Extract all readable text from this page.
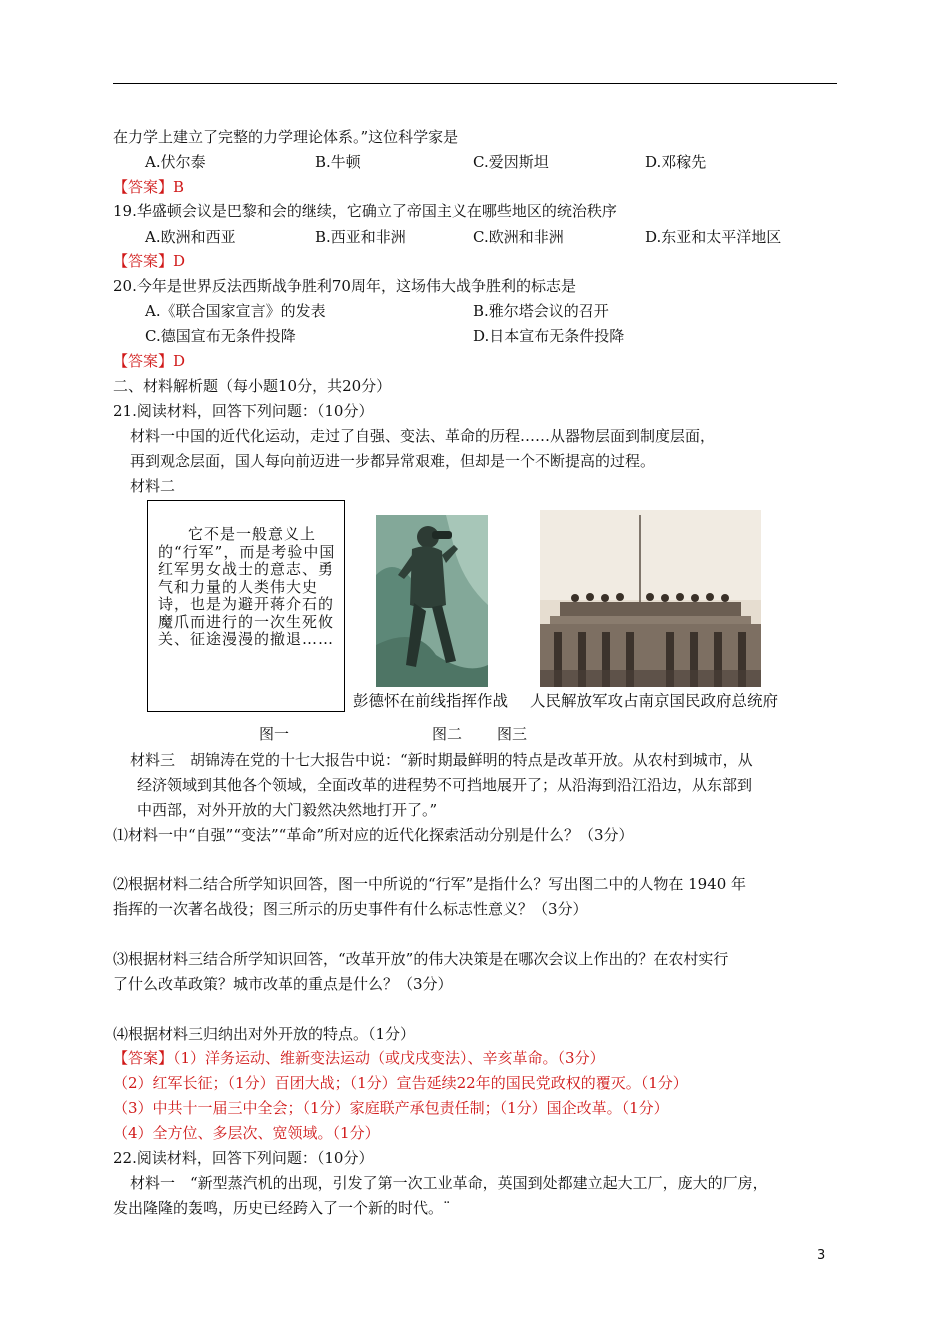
在力学上建立了完整的力学理论体系。”这位科学家是
A.伏尔泰	B.牛顿	C.爱因斯坦	D.邓稼先
【答案】B
19.华盛顿会议是巴黎和会的继续，它确立了帝国主义在哪些地区的统治秩序
A.欧洲和西亚	B.西亚和非洲	C.欧洲和非洲	D.东亚和太平洋地区
【答案】D
20.今年是世界反法西斯战争胜利70周年，这场伟大战争胜利的标志是
A.《联合国家宣言》的发表	B.雅尔塔会议的召开
C.德国宣布无条件投降	D.日本宣布无条件投降
【答案】D
二、材料解析题（每小题10分，共20分）
21.阅读材料，回答下列问题：（10分）
材料一中国的近代化运动，走过了自强、变法、革命的历程……从器物层面到制度层面，
再到观念层面，国人每向前迈进一步都异常艰难，但却是一个不断提高的过程。
材料二
它不是一般意义上的“行军”，而是考验中国红军男女战士的意志、勇气和力量的人类伟大史诗，也是为避开蒋介石的魔爪而进行的一次生死攸关、征途漫漫的撤退……
彭德怀在前线指挥作战 人民解放军攻占南京国民政府总统府
图一	图二 图三
材料三　胡锦涛在党的十七大报告中说：“新时期最鲜明的特点是改革开放。从农村到城市，从
经济领域到其他各个领域，全面改革的进程势不可挡地展开了；从沿海到沿江沿边，从东部到
中西部，对外开放的大门毅然决然地打开了。”
⑴材料一中“自强”“变法”“革命”所对应的近代化探索活动分别是什么？（3分）
⑵根据材料二结合所学知识回答，图一中所说的“行军”是指什么？写出图二中的人物在 1940 年
指挥的一次著名战役；图三所示的历史事件有什么标志性意义？（3分）
⑶根据材料三结合所学知识回答，“改革开放”的伟大决策是在哪次会议上作出的？在农村实行
了什么改革政策？城市改革的重点是什么？（3分）
⑷根据材料三归纳出对外开放的特点。（1分）
【答案】（1）洋务运动、维新变法运动（或戊戌变法）、辛亥革命。（3分）
（2）红军长征；（1分）百团大战；（1分）宣告延续22年的国民党政权的覆灭。（1分）
（3）中共十一届三中全会；（1分）家庭联产承包责任制；（1分）国企改革。（1分）
（4）全方位、多层次、宽领域。（1分）
22.阅读材料，回答下列问题：（10分）
材料一　“新型蒸汽机的出现，引发了第一次工业革命，英国到处都建立起大工厂，庞大的厂房，
发出隆隆的轰鸣，历史已经跨入了一个新的时代。¨
3
